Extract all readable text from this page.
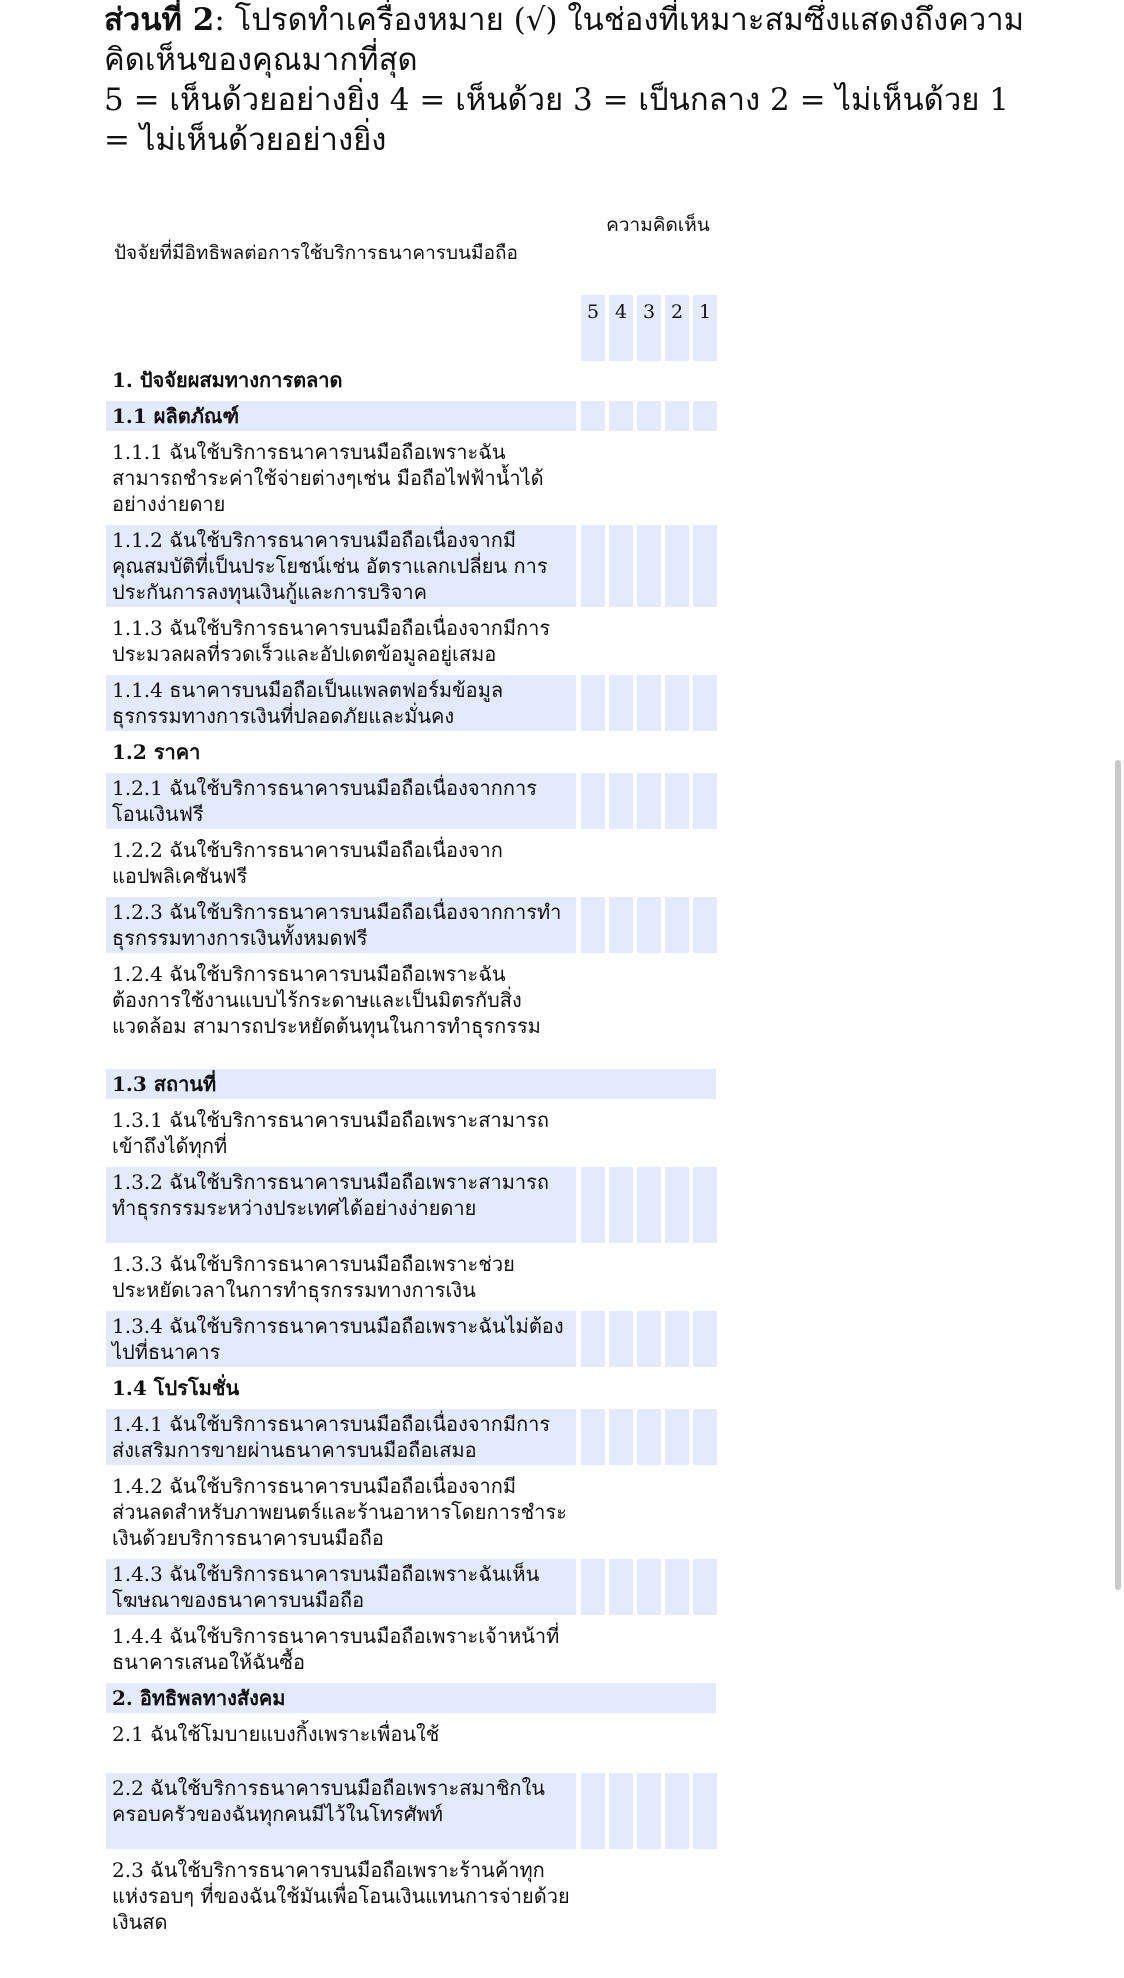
ส่วนที่ 2: โปรดทำเครื่องหมาย (√) ในช่องที่เหมาะสมซึ่งแสดงถึงความคิดเห็นของคุณมากที่สุด

5 = เห็นด้วยอย่างยิ่ง 4 = เห็นด้วย 3 = เป็นกลาง 2 = ไม่เห็นด้วย 1 = ไม่เห็นด้วยอย่างยิ่ง

ปัจจัยที่มีอิทธิพลต่อการใช้บริการธนาคารบนมือถือ
ความคิดเห็น
5 4 3 2 1
1. ปัจจัยผสมทางการตลาด
1.1 ผลิตภัณฑ์
1.1.1 ฉันใช้บริการธนาคารบนมือถือเพราะฉันสามารถชำระค่าใช้จ่ายต่างๆเช่น มือถือไฟฟ้าน้ำได้อย่างง่ายดาย
1.1.2 ฉันใช้บริการธนาคารบนมือถือเนื่องจากมีคุณสมบัติที่เป็นประโยชน์เช่น อัตราแลกเปลี่ยน การประกันการลงทุนเงินกู้และการบริจาค
1.1.3 ฉันใช้บริการธนาคารบนมือถือเนื่องจากมีการประมวลผลที่รวดเร็วและอัปเดตข้อมูลอยู่เสมอ
1.1.4 ธนาคารบนมือถือเป็นแพลตฟอร์มข้อมูลธุรกรรมทางการเงินที่ปลอดภัยและมั่นคง
1.2 ราคา
1.2.1 ฉันใช้บริการธนาคารบนมือถือเนื่องจากการโอนเงินฟรี
1.2.2 ฉันใช้บริการธนาคารบนมือถือเนื่องจากแอปพลิเคชันฟรี
1.2.3 ฉันใช้บริการธนาคารบนมือถือเนื่องจากการทำธุรกรรมทางการเงินทั้งหมดฟรี
1.2.4 ฉันใช้บริการธนาคารบนมือถือเพราะฉันต้องการใช้งานแบบไร้กระดาษและเป็นมิตรกับสิ่งแวดล้อม สามารถประหยัดต้นทุนในการทำธุรกรรม
1.3 สถานที่
1.3.1 ฉันใช้บริการธนาคารบนมือถือเพราะสามารถเข้าถึงได้ทุกที่
1.3.2 ฉันใช้บริการธนาคารบนมือถือเพราะสามารถทำธุรกรรมระหว่างประเทศได้อย่างง่ายดาย
1.3.3 ฉันใช้บริการธนาคารบนมือถือเพราะช่วยประหยัดเวลาในการทำธุรกรรมทางการเงิน
1.3.4 ฉันใช้บริการธนาคารบนมือถือเพราะฉันไม่ต้องไปที่ธนาคาร
1.4 โปรโมชั่น
1.4.1 ฉันใช้บริการธนาคารบนมือถือเนื่องจากมีการส่งเสริมการขายผ่านธนาคารบนมือถือเสมอ
1.4.2 ฉันใช้บริการธนาคารบนมือถือเนื่องจากมีส่วนลดสำหรับภาพยนตร์และร้านอาหารโดยการชำระเงินด้วยบริการธนาคารบนมือถือ
1.4.3 ฉันใช้บริการธนาคารบนมือถือเพราะฉันเห็นโฆษณาของธนาคารบนมือถือ
1.4.4 ฉันใช้บริการธนาคารบนมือถือเพราะเจ้าหน้าที่ธนาคารเสนอให้ฉันซื้อ
2. อิทธิพลทางสังคม
2.1 ฉันใช้โมบายแบงกิ้งเพราะเพื่อนใช้
2.2 ฉันใช้บริการธนาคารบนมือถือเพราะสมาชิกในครอบครัวของฉันทุกคนมีไว้ในโทรศัพท์
2.3 ฉันใช้บริการธนาคารบนมือถือเพราะร้านค้าทุกแห่งรอบๆ ที่ของฉันใช้มันเพื่อโอนเงินแทนการจ่ายด้วยเงินสด
